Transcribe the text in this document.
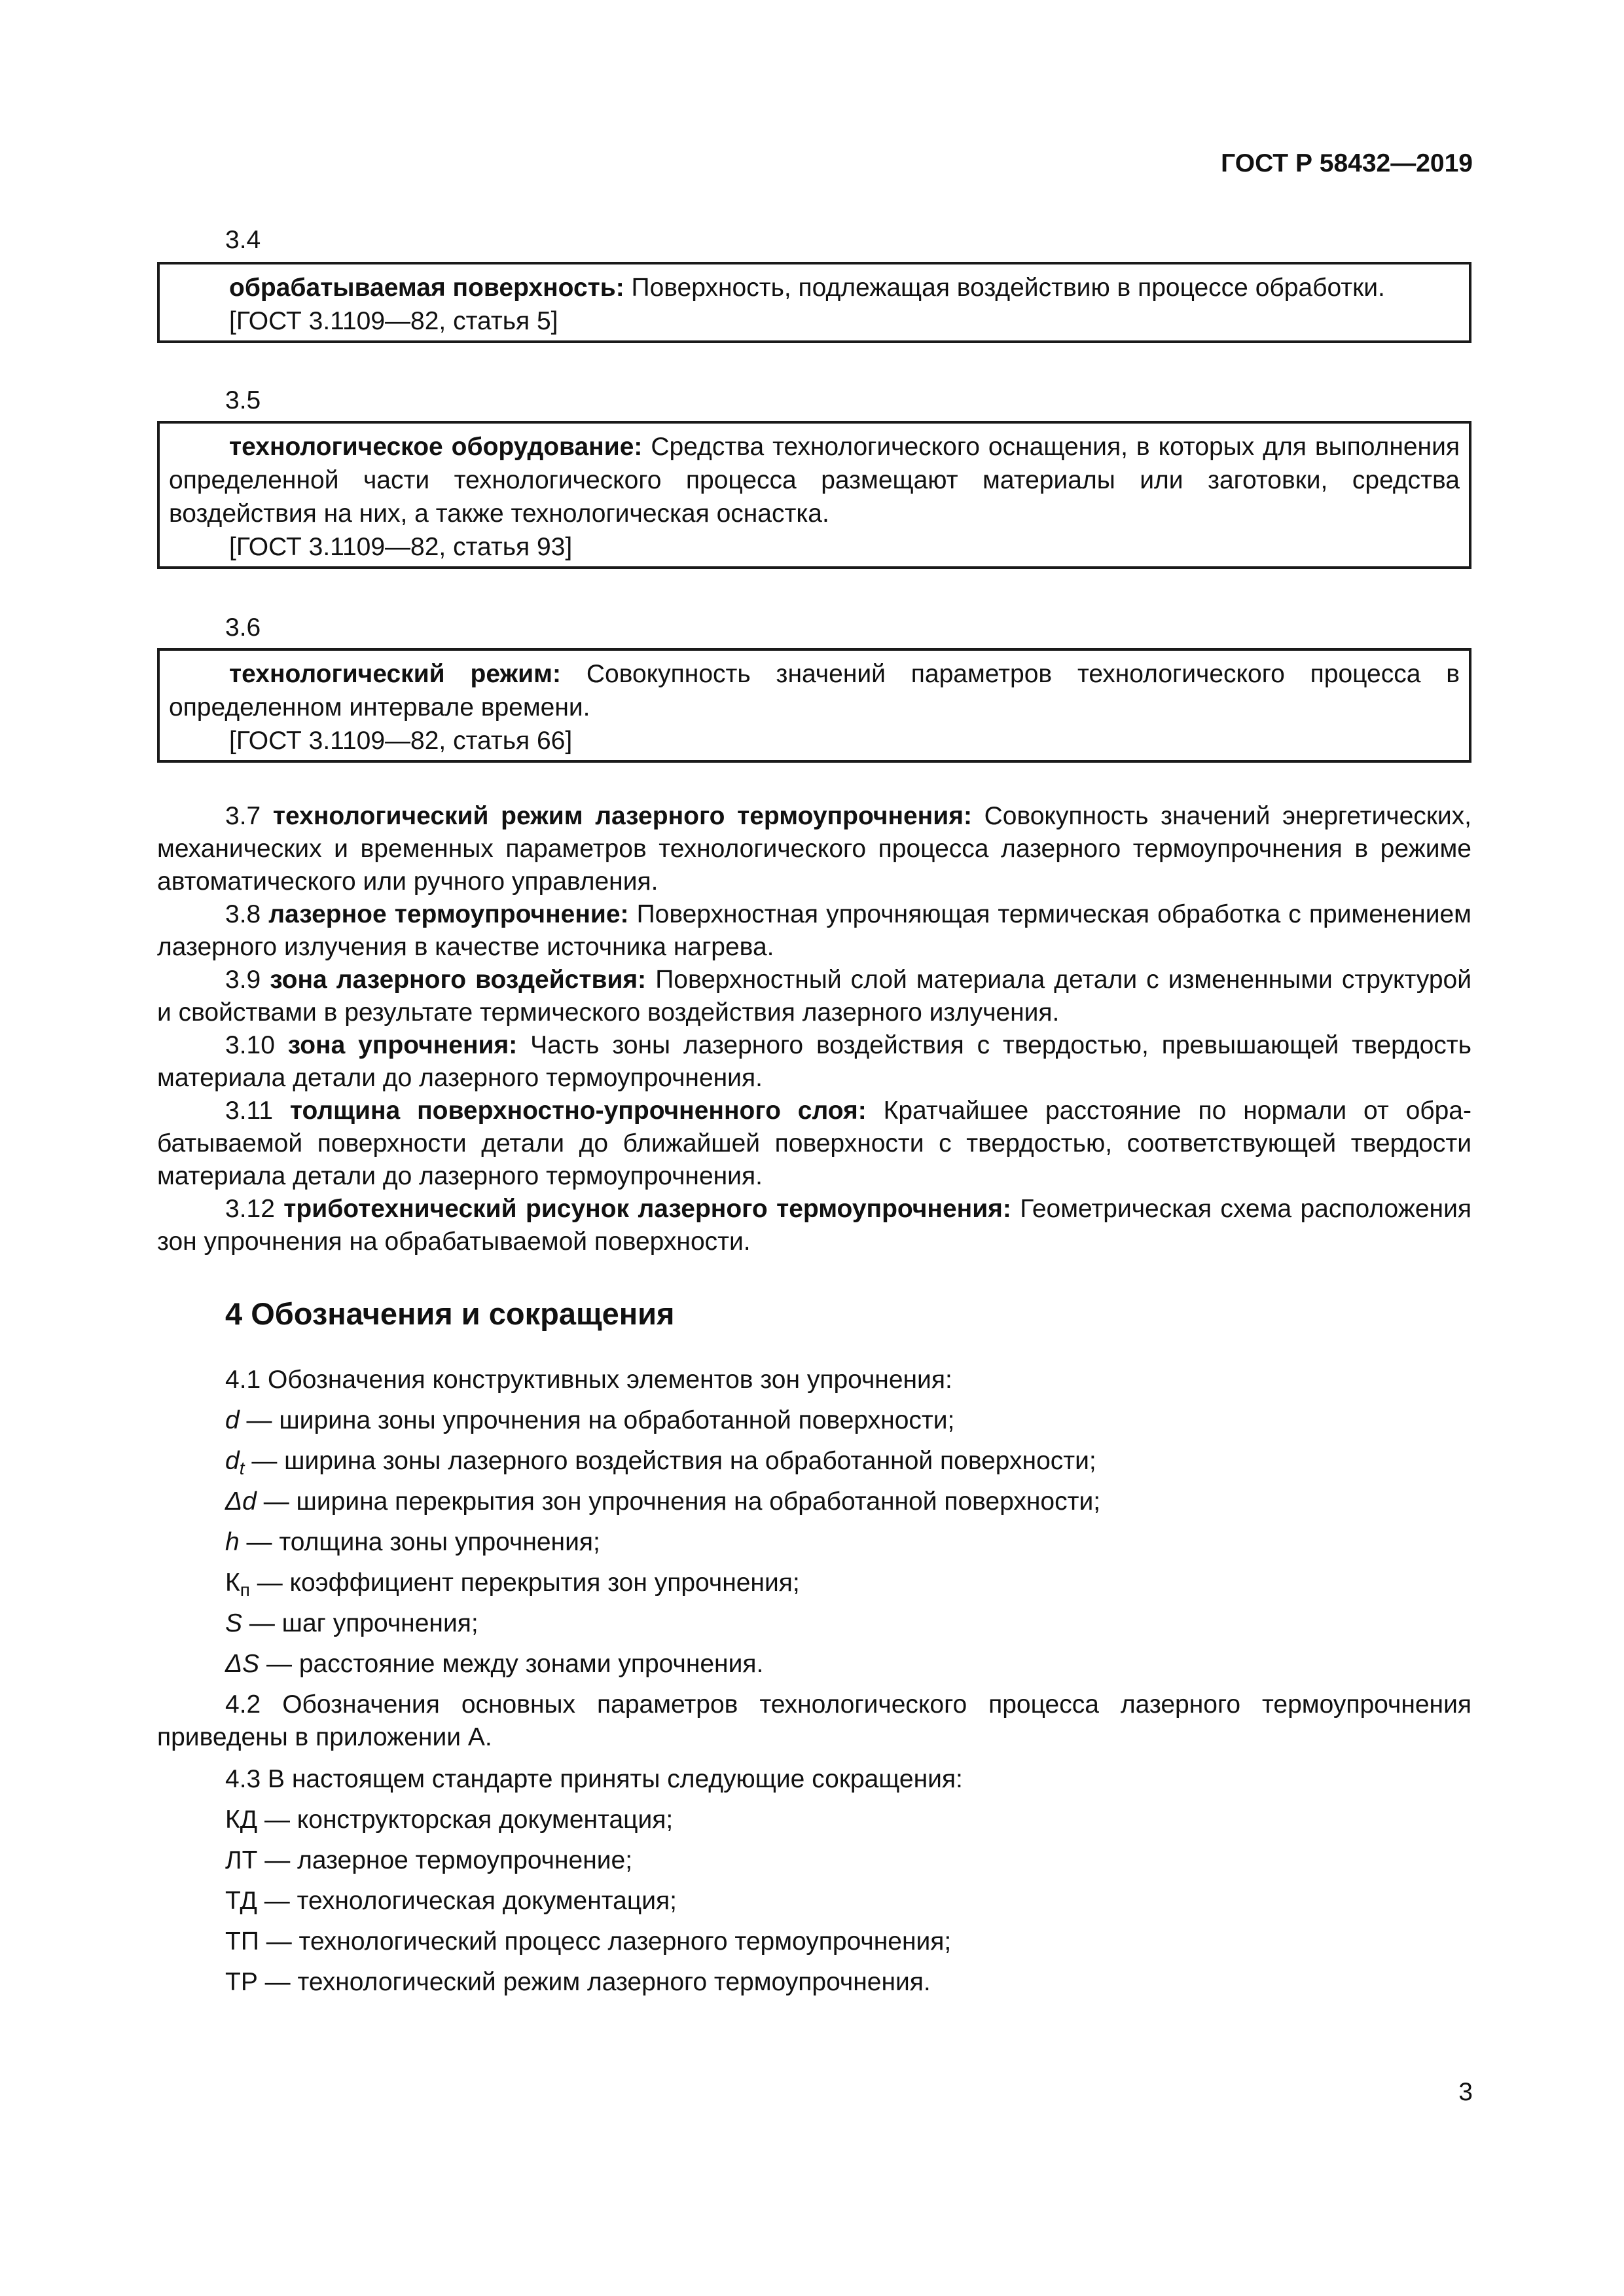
ГОСТ Р 58432—2019
3.4

обрабатываемая поверхность: Поверхность, подлежащая воздействию в процессе обработки.

[ГОСТ 3.1109—82, статья 5]

3.5

технологическое оборудование: Средства технологического оснащения, в которых для выполнения определенной части технологического процесса размещают материалы или заготовки, средства воздействия на них, а также технологическая оснастка.

[ГОСТ 3.1109—82, статья 93]

3.6

технологический режим: Совокупность значений параметров технологического процесса в определенном интервале времени.

[ГОСТ 3.1109—82, статья 66]

3.7 технологический режим лазерного термоупрочнения: Совокупность значений энергетических, механических и временных параметров технологического процесса лазерного термоупрочнения в режиме автоматического или ручного управления.

3.8 лазерное термоупрочнение: Поверхностная упрочняющая термическая обработка с применением лазерного излучения в качестве источника нагрева.

3.9 зона лазерного воздействия: Поверхностный слой материала детали с измененными структурой и свойствами в результате термического воздействия лазерного излучения.

3.10 зона упрочнения: Часть зоны лазерного воздействия с твердостью, превышающей твердость материала детали до лазерного термоупрочнения.

3.11 толщина поверхностно-упрочненного слоя: Кратчайшее расстояние по нормали от обрабатываемой поверхности детали до ближайшей поверхности с твердостью, соответствующей твердости материала детали до лазерного термоупрочнения.

3.12 триботехнический рисунок лазерного термоупрочнения: Геометрическая схема расположения зон упрочнения на обрабатываемой поверхности.

4 Обозначения и сокращения

4.1 Обозначения конструктивных элементов зон упрочнения:

d — ширина зоны упрочнения на обработанной поверхности;

$d_t$ — ширина зоны лазерного воздействия на обработанной поверхности;

Δd — ширина перекрытия зон упрочнения на обработанной поверхности;

h — толщина зоны упрочнения;

$К_п$ — коэффициент перекрытия зон упрочнения;

S — шаг упрочнения;

ΔS — расстояние между зонами упрочнения.

4.2 Обозначения основных параметров технологического процесса лазерного термоупрочнения приведены в приложении А.

4.3 В настоящем стандарте приняты следующие сокращения:

КД — конструкторская документация;

ЛТ — лазерное термоупрочнение;

ТД — технологическая документация;

ТП — технологический процесс лазерного термоупрочнения;

ТР — технологический режим лазерного термоупрочнения.

3
